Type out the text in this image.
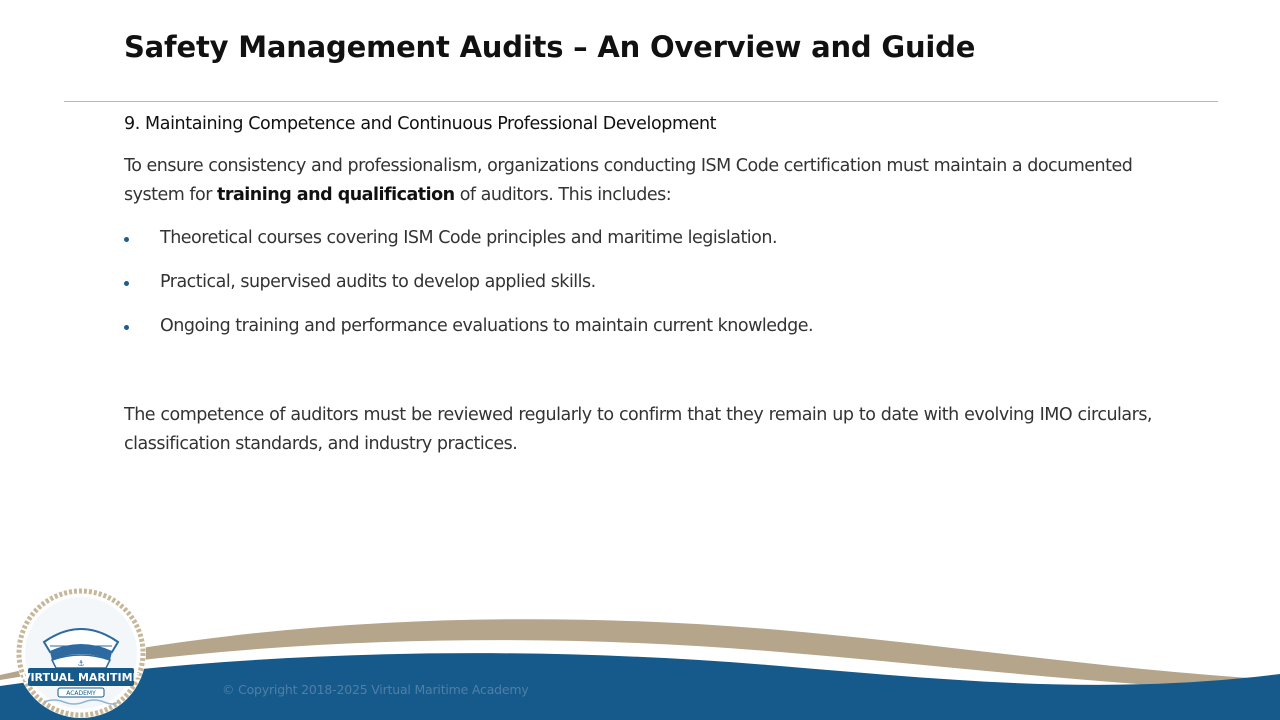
Safety Management Audits – An Overview and Guide
9. Maintaining Competence and Continuous Professional Development

To ensure consistency and professionalism, organizations conducting ISM Code certification must maintain a documented system for training and qualification of auditors. This includes:

Theoretical courses covering ISM Code principles and maritime legislation.
Practical, supervised audits to develop applied skills.
Ongoing training and performance evaluations to maintain current knowledge.

The competence of auditors must be reviewed regularly to confirm that they remain up to date with evolving IMO circulars, classification standards, and industry practices.

© Copyright 2018-2025 Virtual Maritime Academy
⚓
VIRTUAL MARITIME
ACADEMY
